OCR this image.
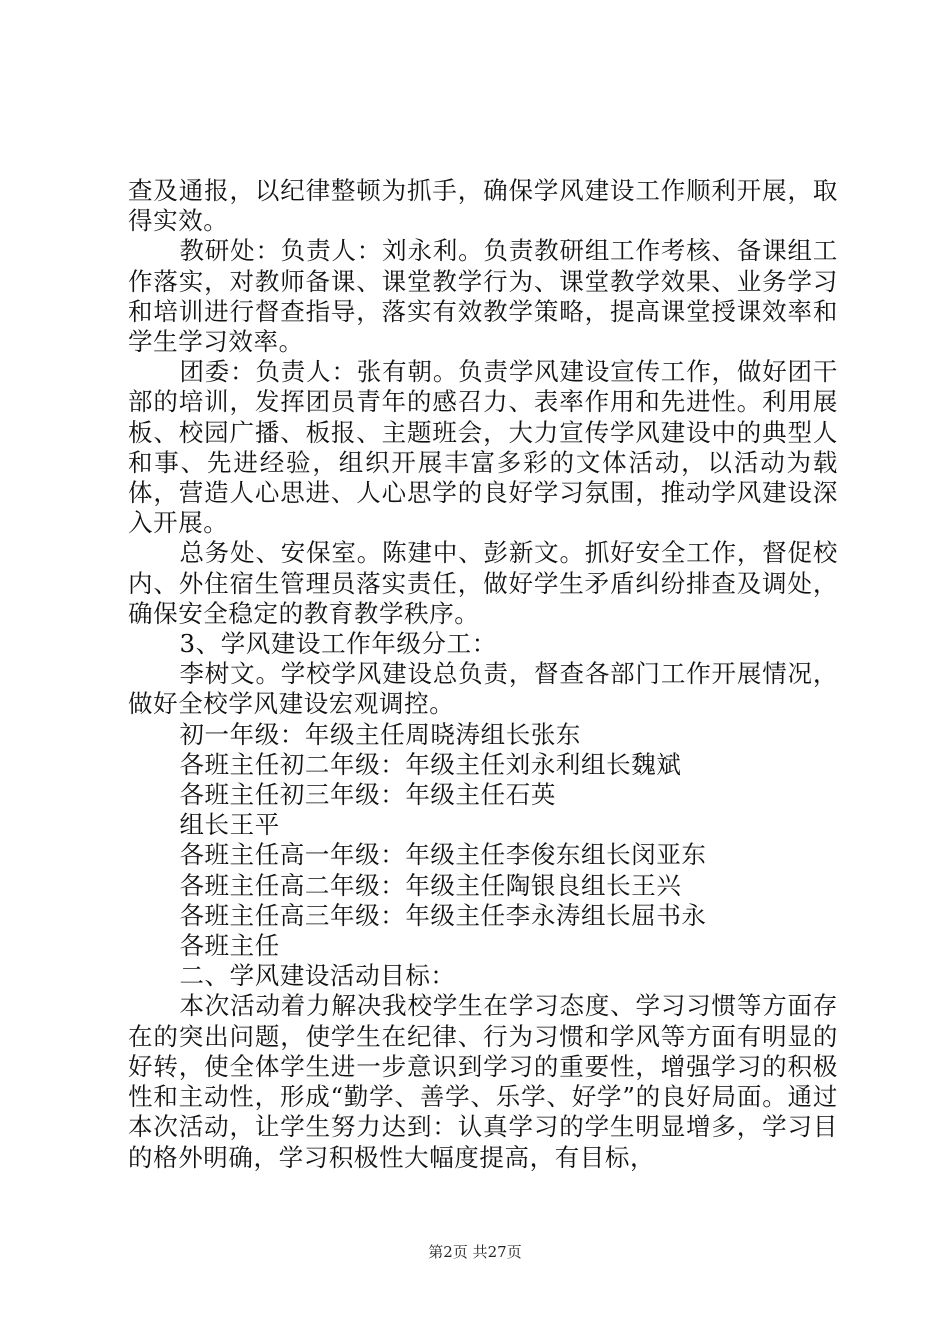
查及通报，以纪律整顿为抓手，确保学风建设工作顺利开展，取得实效。

教研处：负责人：刘永利。负责教研组工作考核、备课组工作落实，对教师备课、课堂教学行为、课堂教学效果、业务学习和培训进行督查指导，落实有效教学策略，提高课堂授课效率和学生学习效率。

团委：负责人：张有朝。负责学风建设宣传工作，做好团干部的培训，发挥团员青年的感召力、表率作用和先进性。利用展板、校园广播、板报、主题班会，大力宣传学风建设中的典型人和事、先进经验，组织开展丰富多彩的文体活动，以活动为载体，营造人心思进、人心思学的良好学习氛围，推动学风建设深入开展。

总务处、安保室。陈建中、彭新文。抓好安全工作，督促校内、外住宿生管理员落实责任，做好学生矛盾纠纷排查及调处，确保安全稳定的教育教学秩序。

3、学风建设工作年级分工：

李树文。学校学风建设总负责，督查各部门工作开展情况，做好全校学风建设宏观调控。

初一年级：年级主任周晓涛组长张东

各班主任初二年级：年级主任刘永利组长魏斌

各班主任初三年级：年级主任石英

组长王平

各班主任高一年级：年级主任李俊东组长闵亚东

各班主任高二年级：年级主任陶银良组长王兴

各班主任高三年级：年级主任李永涛组长屈书永

各班主任

二、学风建设活动目标：

本次活动着力解决我校学生在学习态度、学习习惯等方面存在的突出问题，使学生在纪律、行为习惯和学风等方面有明显的好转，使全体学生进一步意识到学习的重要性，增强学习的积极性和主动性，形成“勤学、善学、乐学、好学”的良好局面。通过本次活动，让学生努力达到：认真学习的学生明显增多，学习目的格外明确，学习积极性大幅度提高，有目标，

第2页 共27页
